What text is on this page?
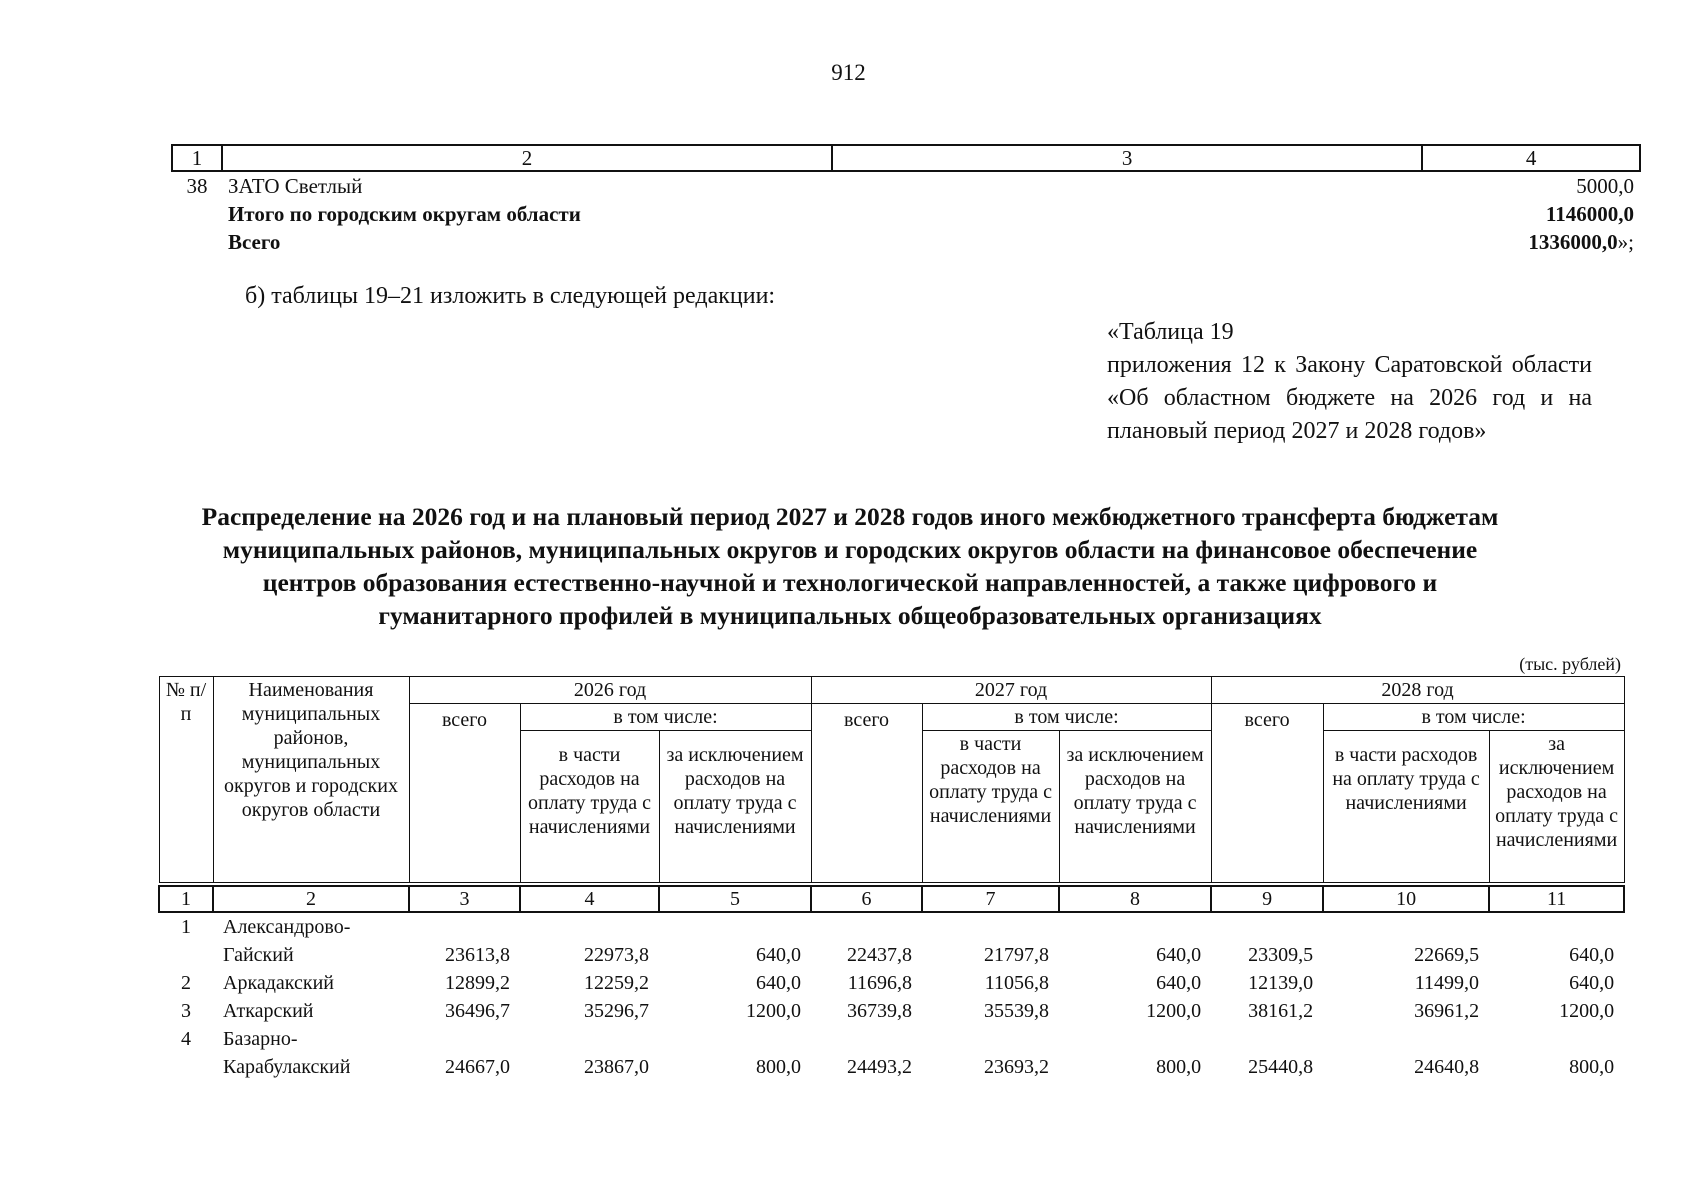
912
1	2	3	4
38	ЗАТО Светлый		5000,0
	Итого по городским округам области		1146000,0
	Всего		1336000,0»;
б) таблицы 19–21 изложить в следующей редакции:
«Таблица 19
приложения 12 к Закону Саратовской области «Об областном бюджете на 2026 год и на плановый период 2027 и 2028 годов»
Распределение на 2026 год и на плановый период 2027 и 2028 годов иного межбюджетного трансферта бюджетам муниципальных районов, муниципальных округов и городских округов области на финансовое обеспечение центров образования естественно-научной и технологической направленностей, а также цифрового и гуманитарного профилей в муниципальных общеобразовательных организациях
(тыс. рублей)
№ п/п	Наименования муниципальных районов, муниципальных округов и городских округов области	2026 год			2027 год			2028 год		
		всего	в том числе:		всего	в том числе:		всего	в том числе:	
			в части расходов на оплату труда с начислениями	за исключением расходов на оплату труда с начислениями		в части расходов на оплату труда с начислениями	за исключением расходов на оплату труда с начислениями		в части расходов на оплату труда с начислениями	за исключением расходов на оплату труда с начислениями

1	2	3	4	5	6	7	8	9	10	11
1	Александрово-									
	Гайский	23613,8	22973,8	640,0	22437,8	21797,8	640,0	23309,5	22669,5	640,0
2	Аркадакский	12899,2	12259,2	640,0	11696,8	11056,8	640,0	12139,0	11499,0	640,0
3	Аткарский	36496,7	35296,7	1200,0	36739,8	35539,8	1200,0	38161,2	36961,2	1200,0
4	Базарно-									
	Карабулакский	24667,0	23867,0	800,0	24493,2	23693,2	800,0	25440,8	24640,8	800,0
